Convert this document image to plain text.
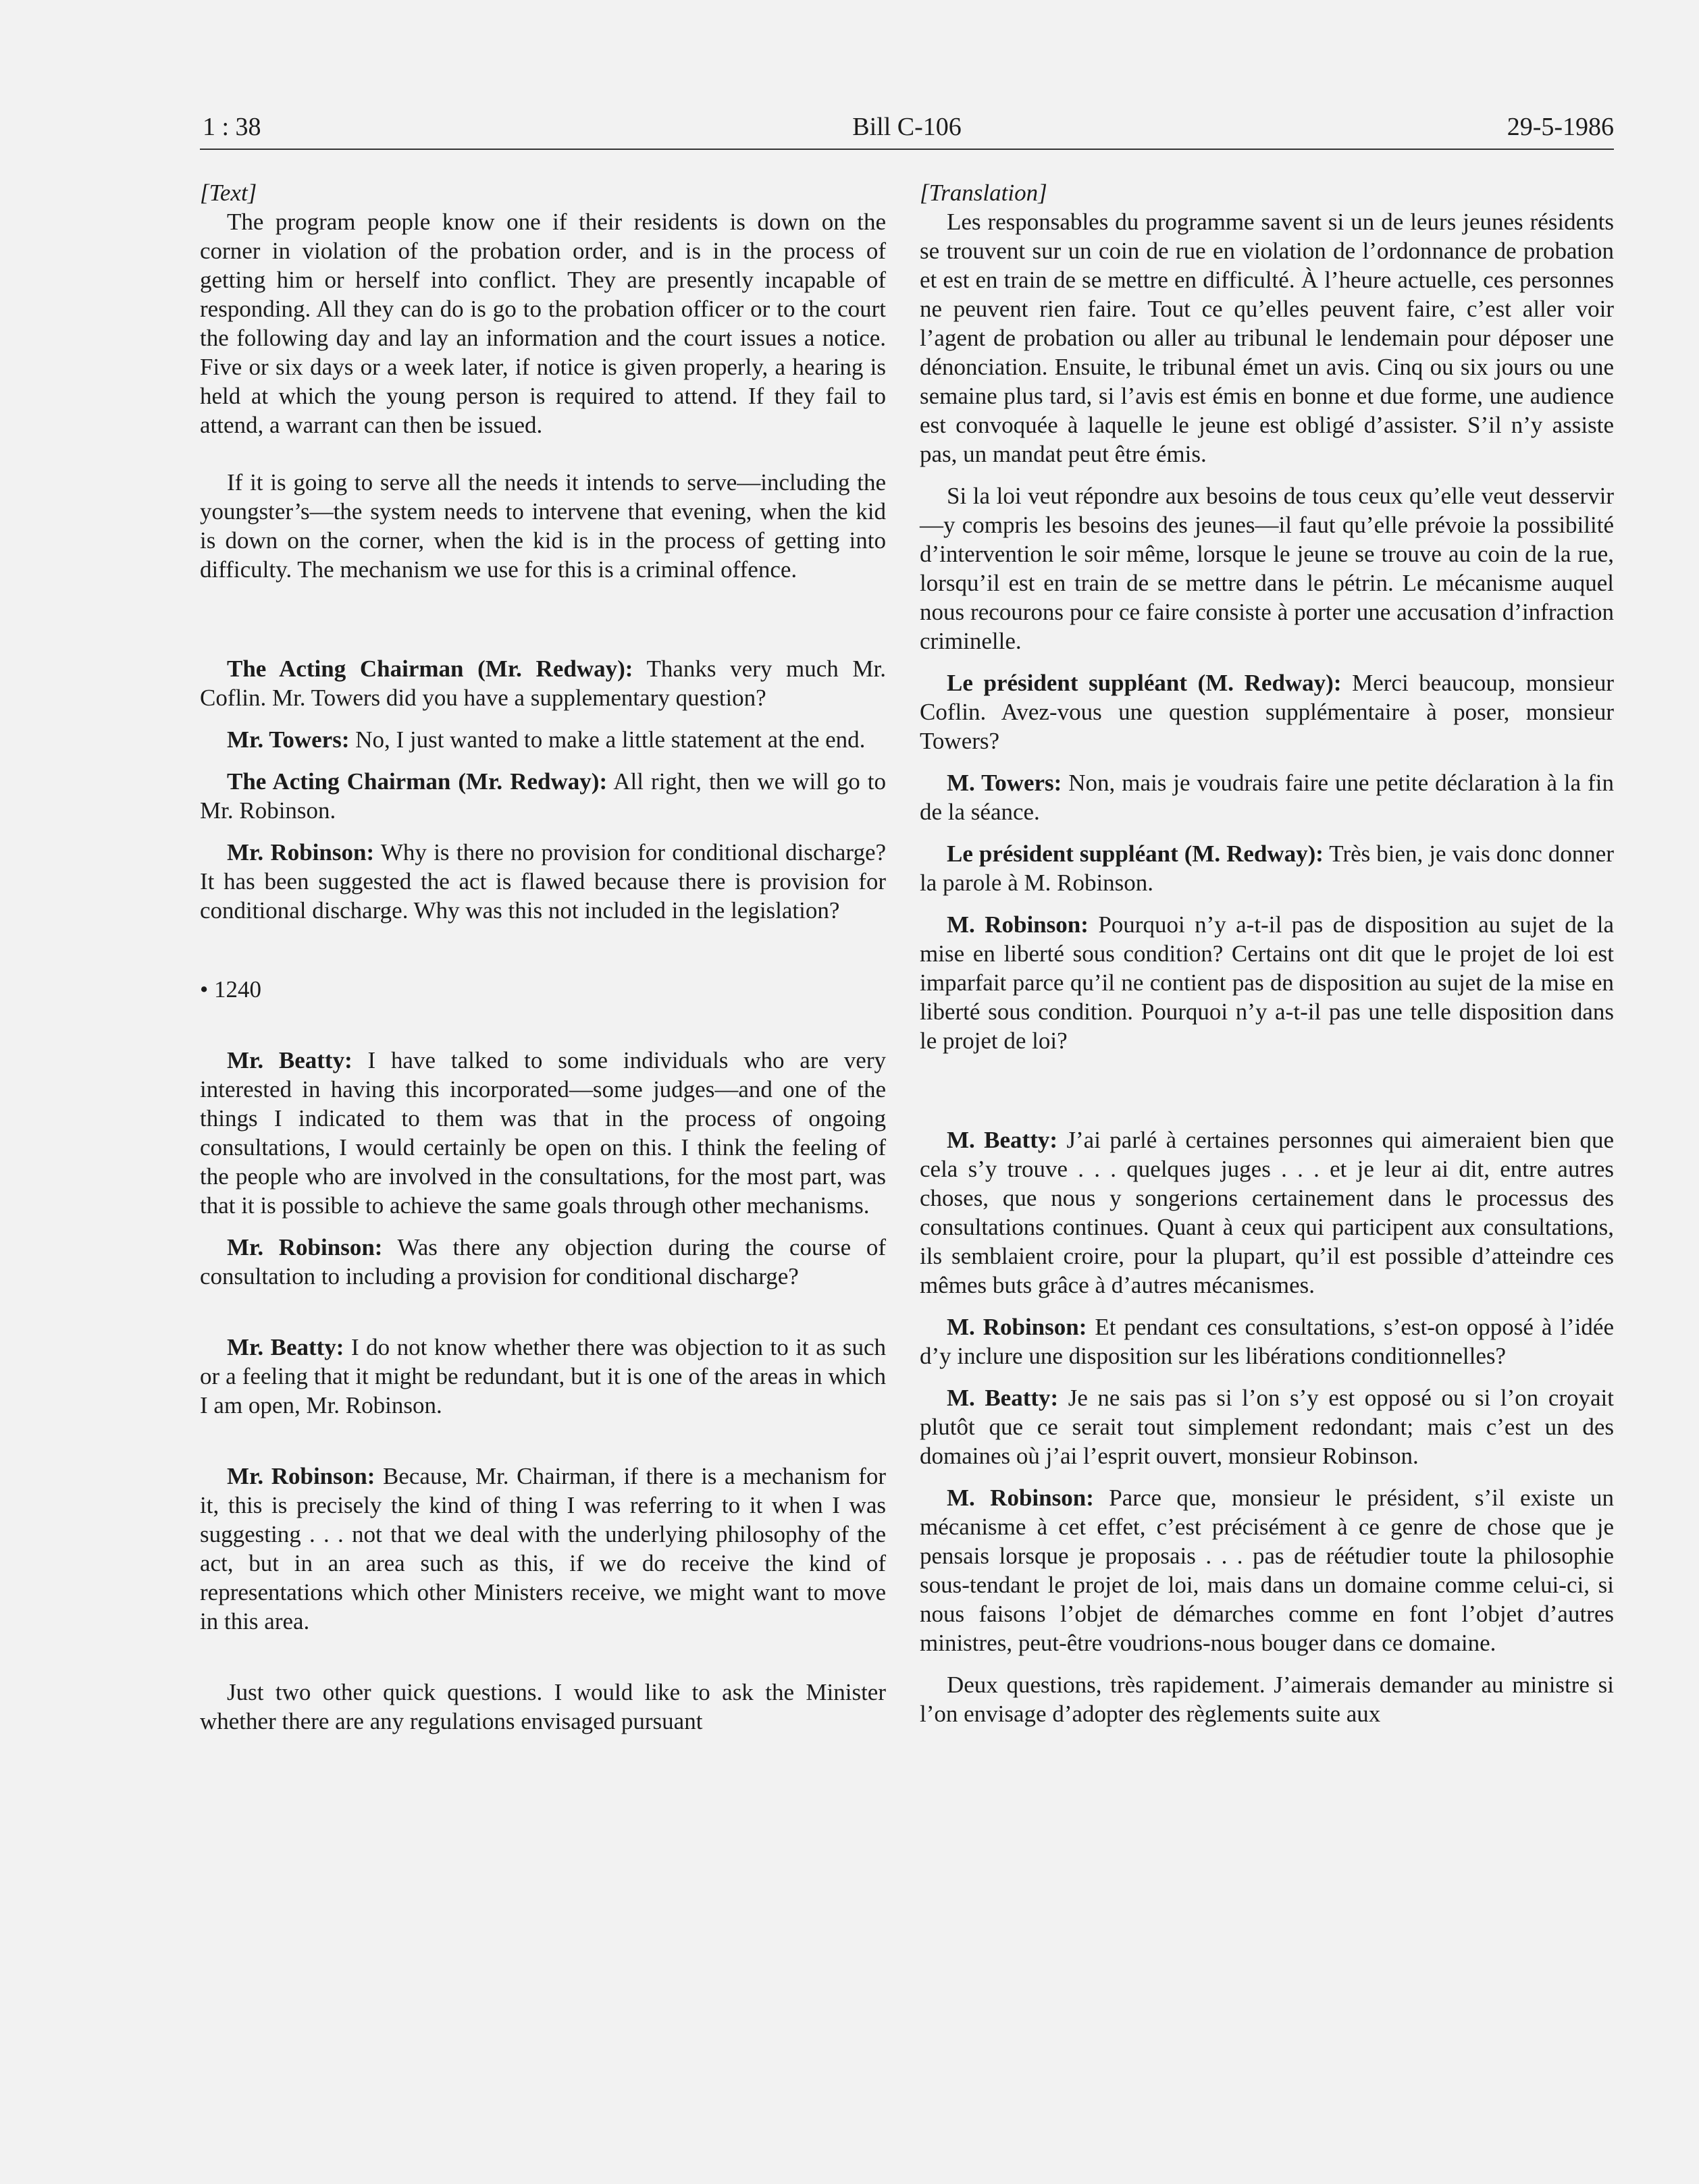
1 : 38	Bill C-106	29-5-1986

[Text]

The program people know one if their residents is down on the corner in violation of the probation order, and is in the process of getting him or herself into conflict. They are presently incapable of responding. All they can do is go to the probation officer or to the court the following day and lay an information and the court issues a notice. Five or six days or a week later, if notice is given properly, a hearing is held at which the young person is required to attend. If they fail to attend, a warrant can then be issued.

If it is going to serve all the needs it intends to serve—including the youngster’s—the system needs to intervene that evening, when the kid is down on the corner, when the kid is in the process of getting into difficulty. The mechanism we use for this is a criminal offence.

The Acting Chairman (Mr. Redway): Thanks very much Mr. Coflin. Mr. Towers did you have a supplementary question?

Mr. Towers: No, I just wanted to make a little statement at the end.

The Acting Chairman (Mr. Redway): All right, then we will go to Mr. Robinson.

Mr. Robinson: Why is there no provision for conditional discharge? It has been suggested the act is flawed because there is provision for conditional discharge. Why was this not included in the legislation?

• 1240

Mr. Beatty: I have talked to some individuals who are very interested in having this incorporated—some judges—and one of the things I indicated to them was that in the process of ongoing consultations, I would certainly be open on this. I think the feeling of the people who are involved in the consultations, for the most part, was that it is possible to achieve the same goals through other mechanisms.

Mr. Robinson: Was there any objection during the course of consultation to including a provision for conditional discharge?

Mr. Beatty: I do not know whether there was objection to it as such or a feeling that it might be redundant, but it is one of the areas in which I am open, Mr. Robinson.

Mr. Robinson: Because, Mr. Chairman, if there is a mechanism for it, this is precisely the kind of thing I was referring to it when I was suggesting . . . not that we deal with the underlying philosophy of the act, but in an area such as this, if we do receive the kind of representations which other Ministers receive, we might want to move in this area.

Just two other quick questions. I would like to ask the Minister whether there are any regulations envisaged pursuant

[Translation]

Les responsables du programme savent si un de leurs jeunes résidents se trouvent sur un coin de rue en violation de l’ordonnance de probation et est en train de se mettre en difficulté. À l’heure actuelle, ces personnes ne peuvent rien faire. Tout ce qu’elles peuvent faire, c’est aller voir l’agent de probation ou aller au tribunal le lendemain pour déposer une dénonciation. Ensuite, le tribunal émet un avis. Cinq ou six jours ou une semaine plus tard, si l’avis est émis en bonne et due forme, une audience est convoquée à laquelle le jeune est obligé d’assister. S’il n’y assiste pas, un mandat peut être émis.

Si la loi veut répondre aux besoins de tous ceux qu’elle veut desservir—y compris les besoins des jeunes—il faut qu’elle prévoie la possibilité d’intervention le soir même, lorsque le jeune se trouve au coin de la rue, lorsqu’il est en train de se mettre dans le pétrin. Le mécanisme auquel nous recourons pour ce faire consiste à porter une accusation d’infraction criminelle.

Le président suppléant (M. Redway): Merci beaucoup, monsieur Coflin. Avez-vous une question supplémentaire à poser, monsieur Towers?

M. Towers: Non, mais je voudrais faire une petite déclaration à la fin de la séance.

Le président suppléant (M. Redway): Très bien, je vais donc donner la parole à M. Robinson.

M. Robinson: Pourquoi n’y a-t-il pas de disposition au sujet de la mise en liberté sous condition? Certains ont dit que le projet de loi est imparfait parce qu’il ne contient pas de disposition au sujet de la mise en liberté sous condition. Pourquoi n’y a-t-il pas une telle disposition dans le projet de loi?

M. Beatty: J’ai parlé à certaines personnes qui aimeraient bien que cela s’y trouve . . . quelques juges . . . et je leur ai dit, entre autres choses, que nous y songerions certainement dans le processus des consultations continues. Quant à ceux qui participent aux consultations, ils semblaient croire, pour la plupart, qu’il est possible d’atteindre ces mêmes buts grâce à d’autres mécanismes.

M. Robinson: Et pendant ces consultations, s’est-on opposé à l’idée d’y inclure une disposition sur les libérations conditionnelles?

M. Beatty: Je ne sais pas si l’on s’y est opposé ou si l’on croyait plutôt que ce serait tout simplement redondant; mais c’est un des domaines où j’ai l’esprit ouvert, monsieur Robinson.

M. Robinson: Parce que, monsieur le président, s’il existe un mécanisme à cet effet, c’est précisément à ce genre de chose que je pensais lorsque je proposais . . . pas de réétudier toute la philosophie sous-tendant le projet de loi, mais dans un domaine comme celui-ci, si nous faisons l’objet de démarches comme en font l’objet d’autres ministres, peut-être voudrions-nous bouger dans ce domaine.

Deux questions, très rapidement. J’aimerais demander au ministre si l’on envisage d’adopter des règlements suite aux
